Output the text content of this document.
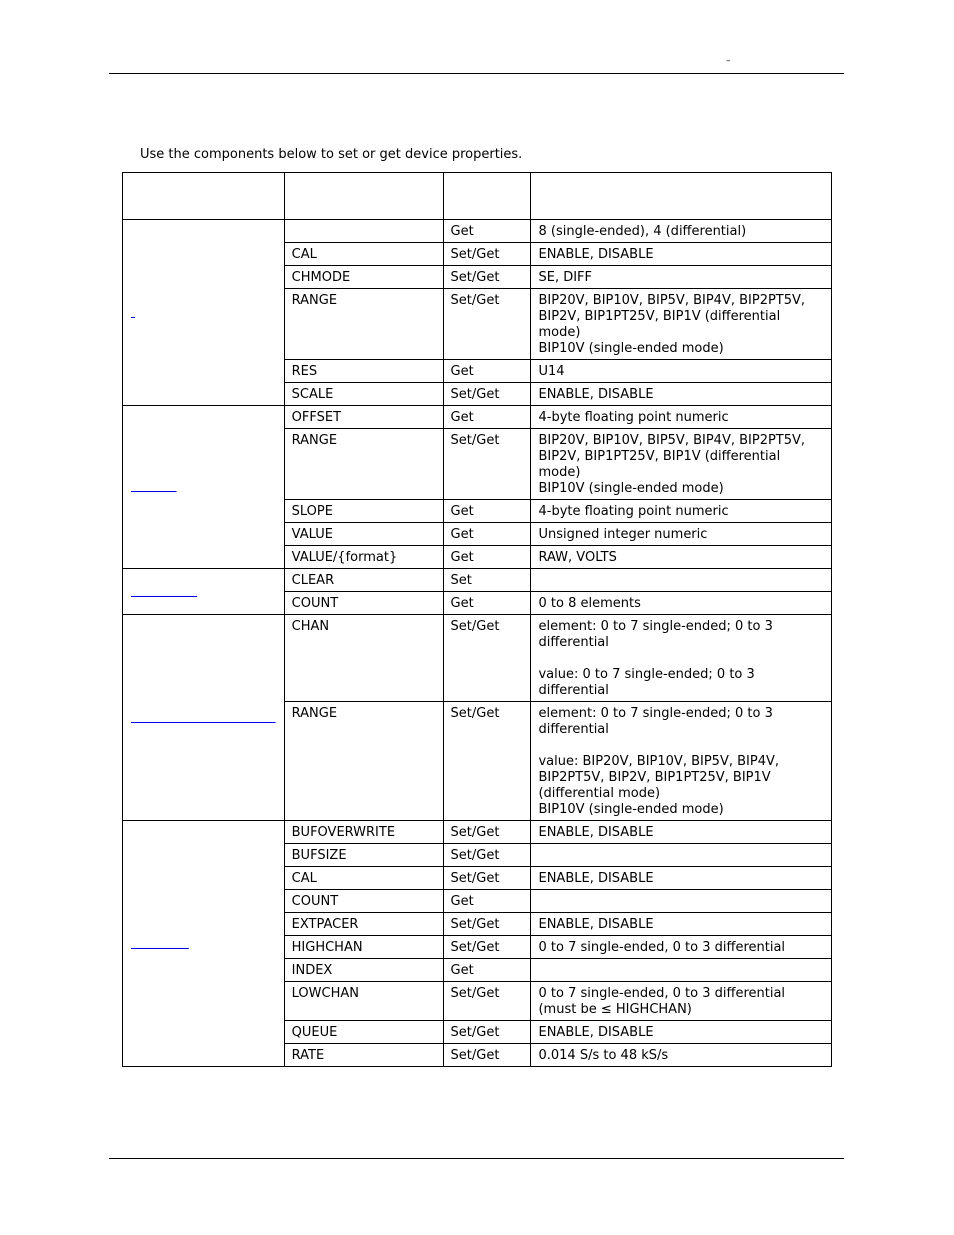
–
Use the components below to set or get device properties.

		Get	8 (single-ended), 4 (differential)
	CAL	Set/Get	ENABLE, DISABLE
	CHMODE	Set/Get	SE, DIFF
	RANGE	Set/Get	BIP20V, BIP10V, BIP5V, BIP4V, BIP2PT5V, BIP2V, BIP1PT25V, BIP1V (differential mode)
BIP10V (single-ended mode)
	RES	Get	U14
	SCALE	Set/Get	ENABLE, DISABLE
	OFFSET	Get	4-byte floating point numeric
	RANGE	Set/Get	BIP20V, BIP10V, BIP5V, BIP4V, BIP2PT5V, BIP2V, BIP1PT25V, BIP1V (differential mode)
BIP10V (single-ended mode)
	SLOPE	Get	4-byte floating point numeric
	VALUE	Get	Unsigned integer numeric
	VALUE/{format}	Get	RAW, VOLTS
	CLEAR	Set	
	COUNT	Get	0 to 8 elements
	CHAN	Set/Get	element: 0 to 7 single-ended; 0 to 3 differential

value: 0 to 7 single-ended; 0 to 3 differential
	RANGE	Set/Get	element: 0 to 7 single-ended; 0 to 3 differential

value: BIP20V, BIP10V, BIP5V, BIP4V, BIP2PT5V, BIP2V, BIP1PT25V, BIP1V (differential mode)
BIP10V (single-ended mode)
	BUFOVERWRITE	Set/Get	ENABLE, DISABLE
	BUFSIZE	Set/Get	
	CAL	Set/Get	ENABLE, DISABLE
	COUNT	Get	
	EXTPACER	Set/Get	ENABLE, DISABLE
	HIGHCHAN	Set/Get	0 to 7 single-ended, 0 to 3 differential
	INDEX	Get	
	LOWCHAN	Set/Get	0 to 7 single-ended, 0 to 3 differential (must be ≤ HIGHCHAN)
	QUEUE	Set/Get	ENABLE, DISABLE
	RATE	Set/Get	0.014 S/s to 48 kS/s
